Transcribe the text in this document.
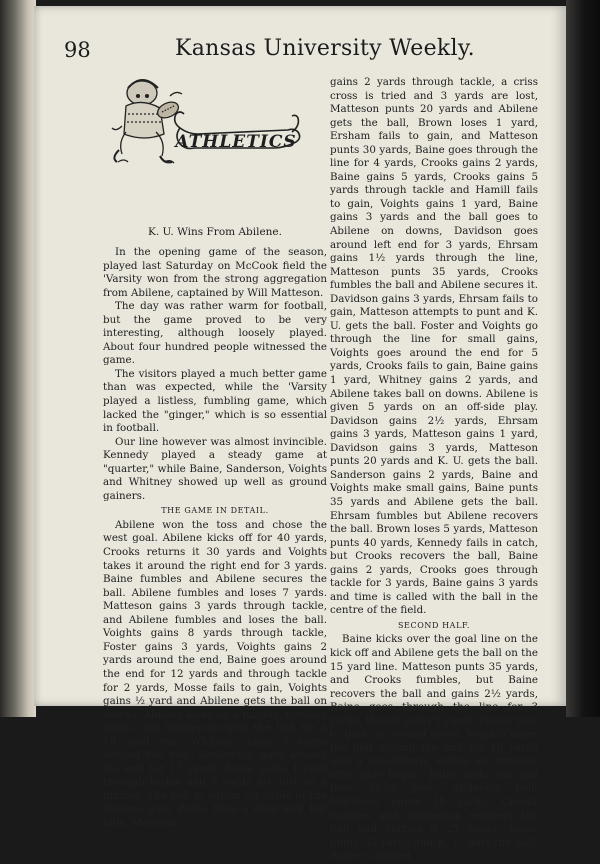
98	Kansas University Weekly.
ATHLETICS
K. U. Wins From Abilene.

In the opening game of the season, played last Saturday on McCook field the 'Varsity won from the strong aggregation from Abilene, captained by Will Matteson.

The day was rather warm for football, but the game proved to be very interesting, although loosely played. About four hundred people witnessed the game.

The visitors played a much better game than was expected, while the 'Varsity played a listless, fumbling game, which lacked the "ginger," which is so essential in football.

Our line however was almost invincible. Kennedy played a steady game at "quarter," while Baine, Sanderson, Voights and Whitney showed up well as ground gainers.

THE GAME IN DETAIL.

Abilene won the toss and chose the west goal. Abilene kicks off for 40 yards, Crooks returns it 30 yards and Voights takes it around the right end for 3 yards. Baine fumbles and Abilene secures the ball. Abilene fumbles and loses 7 yards. Matteson gains 3 yards through tackle, and Abilene fumbles and loses the ball. Voights gains 8 yards through tackle, Foster gains 3 yards, Voights gains 2 yards around the end, Baine goes around the end for 12 yards and through tackle for 2 yards, Mosse fails to gain, Voights gains ½ yard and Abilene gets the ball on downs. Abilene loses on a fumble, fumbles again, and Sanderson gets the ball for a 10 yard run, Whitney gains 3 yards around the end, Sanderson goes around the end for 17 yards, Baine gains 1 yard through tackle and 5 yards are lost on a fumble. The ball is within 20 yards of the Abilene goal. Baine tries a drop kick but fails. Matteson

gains 2 yards through tackle, a criss cross is tried and 3 yards are lost, Matteson punts 20 yards and Abilene gets the ball, Brown loses 1 yard, Ersham fails to gain, and Matteson punts 30 yards, Baine goes through the line for 4 yards, Crooks gains 2 yards, Baine gains 5 yards, Crooks gains 5 yards through tackle and Hamill fails to gain, Voights gains 1 yard, Baine gains 3 yards and the ball goes to Abilene on downs, Davidson goes around left end for 3 yards, Ehrsam gains 1½ yards through the line, Matteson punts 35 yards, Crooks fumbles the ball and Abilene secures it. Davidson gains 3 yards, Ehrsam fails to gain, Matteson attempts to punt and K. U. gets the ball. Foster and Voights go through the line for small gains, Voights goes around the end for 5 yards, Crooks fails to gain, Baine gains 1 yard, Whitney gains 2 yards, and Abilene takes ball on downs. Abilene is given 5 yards on an off-side play. Davidson gains 2½ yards, Ehrsam gains 3 yards, Matteson gains 1 yard, Davidson gains 3 yards, Matteson punts 20 yards and K. U. gets the ball. Sanderson gains 2 yards, Baine and Voights make small gains, Baine punts 35 yards and Abilene gets the ball. Ehrsam fumbles but Abilene recovers the ball. Brown loses 5 yards, Matteson punts 40 yards, Kennedy fails in catch, but Crooks recovers the ball, Baine gains 2 yards, Crooks goes through tackle for 3 yards, Baine gains 3 yards and time is called with the ball in the centre of the field.

SECOND HALF.

Baine kicks over the goal line on the kick off and Abilene gets the ball on the 15 yard line. Matteson punts 35 yards, and Crooks fumbles, but Baine recovers the ball and gains 2½ yards, Baine goes through the line for 3 yards, Hamill gains 5 yards, Foster fails to gain on second down, Voights takes the ball around the end for 18 yards and a touchdown, within six minutes after play began. Baine kicks out and then kicks goal. Abilene's ball; Matteson punts 15 yards, Crooks fumbles and Sanderson recovers the ball and carries it 25 yards, Baine punts 35 yards and K. U. gets the ball. Baine is retired
